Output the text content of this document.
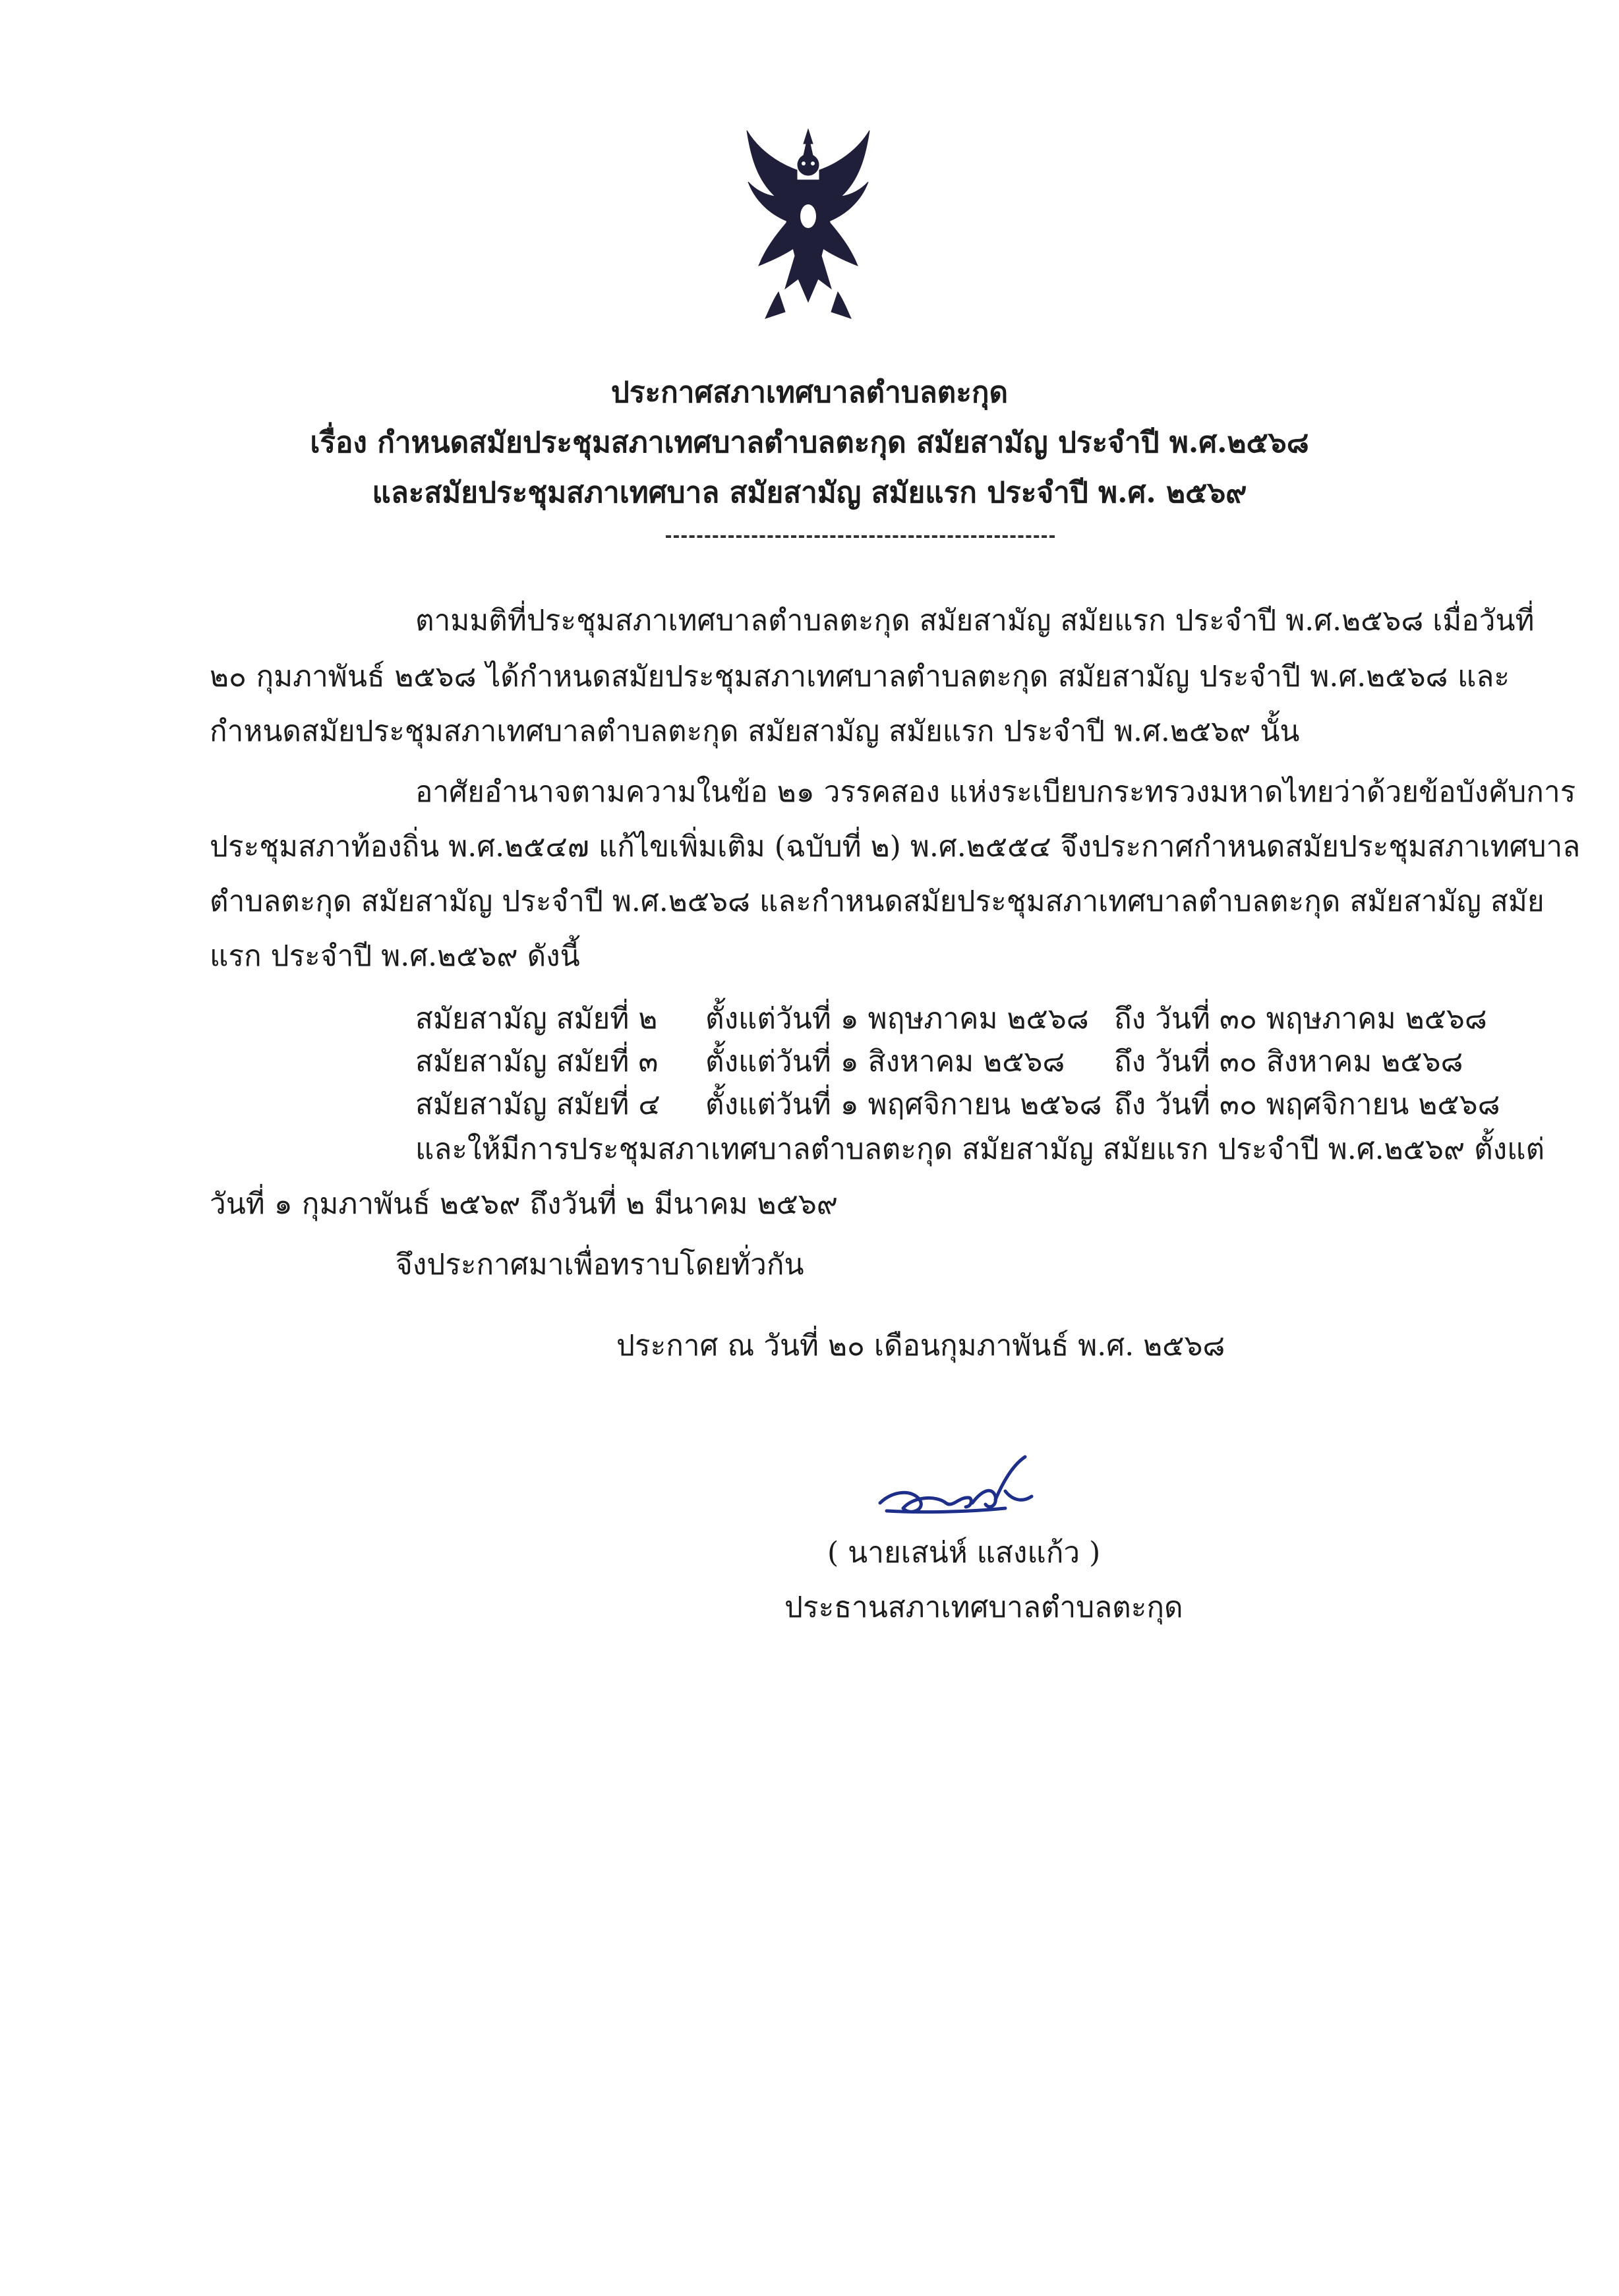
ประกาศสภาเทศบาลตำบลตะกุด
เรื่อง กำหนดสมัยประชุมสภาเทศบาลตำบลตะกุด สมัยสามัญ ประจำปี พ.ศ.๒๕๖๘
และสมัยประชุมสภาเทศบาล สมัยสามัญ สมัยแรก ประจำปี พ.ศ. ๒๕๖๙
ตามมติที่ประชุมสภาเทศบาลตำบลตะกุด สมัยสามัญ สมัยแรก ประจำปี พ.ศ.๒๕๖๘ เมื่อวันที่
๒๐ กุมภาพันธ์ ๒๕๖๘ ได้กำหนดสมัยประชุมสภาเทศบาลตำบลตะกุด สมัยสามัญ ประจำปี พ.ศ.๒๕๖๘ และ
กำหนดสมัยประชุมสภาเทศบาลตำบลตะกุด สมัยสามัญ สมัยแรก ประจำปี พ.ศ.๒๕๖๙ นั้น
อาศัยอำนาจตามความในข้อ ๒๑ วรรคสอง แห่งระเบียบกระทรวงมหาดไทยว่าด้วยข้อบังคับการ
ประชุมสภาท้องถิ่น พ.ศ.๒๕๔๗ แก้ไขเพิ่มเติม (ฉบับที่ ๒) พ.ศ.๒๕๕๔ จึงประกาศกำหนดสมัยประชุมสภาเทศบาล
ตำบลตะกุด สมัยสามัญ ประจำปี พ.ศ.๒๕๖๘ และกำหนดสมัยประชุมสภาเทศบาลตำบลตะกุด สมัยสามัญ สมัย
แรก ประจำปี พ.ศ.๒๕๖๙ ดังนี้
สมัยสามัญ สมัยที่ ๒ ตั้งแต่วันที่ ๑ พฤษภาคม ๒๕๖๘ ถึง วันที่ ๓๐ พฤษภาคม ๒๕๖๘
สมัยสามัญ สมัยที่ ๓ ตั้งแต่วันที่ ๑ สิงหาคม ๒๕๖๘ ถึง วันที่ ๓๐ สิงหาคม ๒๕๖๘
สมัยสามัญ สมัยที่ ๔ ตั้งแต่วันที่ ๑ พฤศจิกายน ๒๕๖๘ ถึง วันที่ ๓๐ พฤศจิกายน ๒๕๖๘
และให้มีการประชุมสภาเทศบาลตำบลตะกุด สมัยสามัญ สมัยแรก ประจำปี พ.ศ.๒๕๖๙ ตั้งแต่
วันที่ ๑ กุมภาพันธ์ ๒๕๖๙ ถึงวันที่ ๒ มีนาคม ๒๕๖๙
จึงประกาศมาเพื่อทราบโดยทั่วกัน
ประกาศ ณ วันที่ ๒๐ เดือนกุมภาพันธ์ พ.ศ. ๒๕๖๘
( นายเสน่ห์ แสงแก้ว )
ประธานสภาเทศบาลตำบลตะกุด
